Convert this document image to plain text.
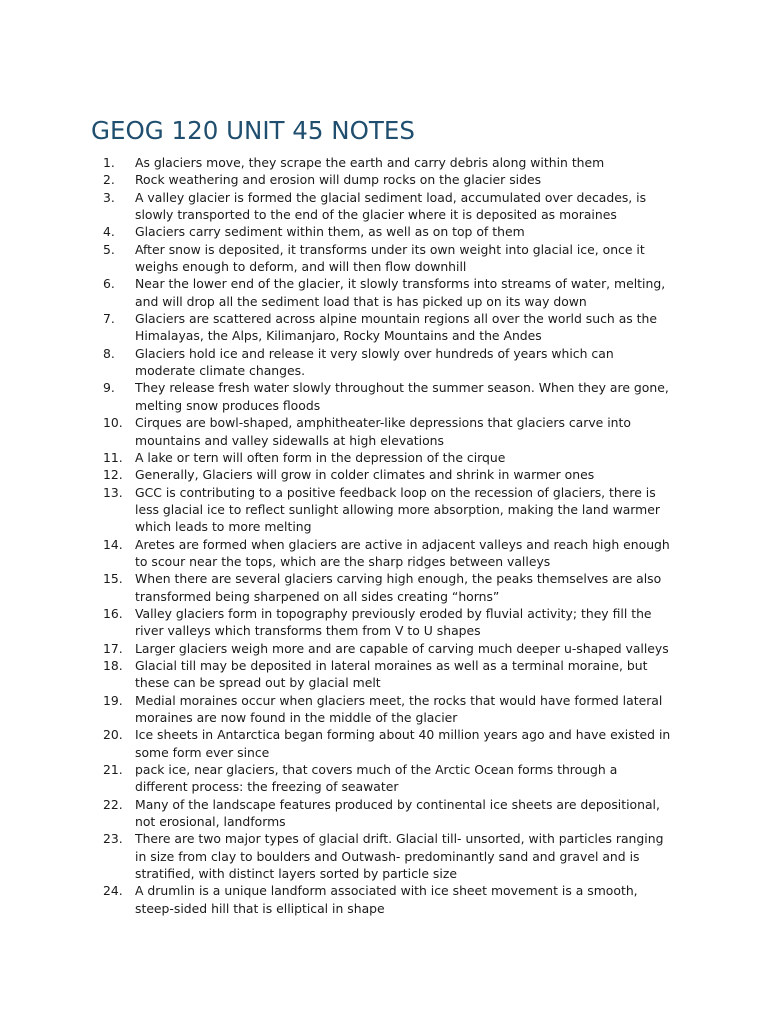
GEOG 120 UNIT 45 NOTES
1.	As glaciers move, they scrape the earth and carry debris along within them
2.	Rock weathering and erosion will dump rocks on the glacier sides
3.	A valley glacier is formed the glacial sediment load, accumulated over decades, is
slowly transported to the end of the glacier where it is deposited as moraines
4.	Glaciers carry sediment within them, as well as on top of them
5.	After snow is deposited, it transforms under its own weight into glacial ice, once it
weighs enough to deform, and will then flow downhill
6.	Near the lower end of the glacier, it slowly transforms into streams of water, melting,
and will drop all the sediment load that is has picked up on its way down
7.	Glaciers are scattered across alpine mountain regions all over the world such as the
Himalayas, the Alps, Kilimanjaro, Rocky Mountains and the Andes
8.	Glaciers hold ice and release it very slowly over hundreds of years which can
moderate climate changes.
9.	They release fresh water slowly throughout the summer season. When they are gone,
melting snow produces floods
10. Cirques are bowl-shaped, amphitheater-like depressions that glaciers carve into
mountains and valley sidewalls at high elevations
11. A lake or tern will often form in the depression of the cirque
12. Generally, Glaciers will grow in colder climates and shrink in warmer ones
13. GCC is contributing to a positive feedback loop on the recession of glaciers, there is
less glacial ice to reflect sunlight allowing more absorption, making the land warmer
which leads to more melting
14. Aretes are formed when glaciers are active in adjacent valleys and reach high enough
to scour near the tops, which are the sharp ridges between valleys
15. When there are several glaciers carving high enough, the peaks themselves are also
transformed being sharpened on all sides creating “horns”
16. Valley glaciers form in topography previously eroded by fluvial activity; they fill the
river valleys which transforms them from V to U shapes
17. Larger glaciers weigh more and are capable of carving much deeper u-shaped valleys
18. Glacial till may be deposited in lateral moraines as well as a terminal moraine, but
these can be spread out by glacial melt
19. Medial moraines occur when glaciers meet, the rocks that would have formed lateral
moraines are now found in the middle of the glacier
20. Ice sheets in Antarctica began forming about 40 million years ago and have existed in
some form ever since
21. pack ice, near glaciers, that covers much of the Arctic Ocean forms through a
different process: the freezing of seawater
22. Many of the landscape features produced by continental ice sheets are depositional,
not erosional, landforms
23. There are two major types of glacial drift. Glacial till- unsorted, with particles ranging
in size from clay to boulders and Outwash- predominantly sand and gravel and is
stratified, with distinct layers sorted by particle size
24. A drumlin is a unique landform associated with ice sheet movement is a smooth,
steep-sided hill that is elliptical in shape
